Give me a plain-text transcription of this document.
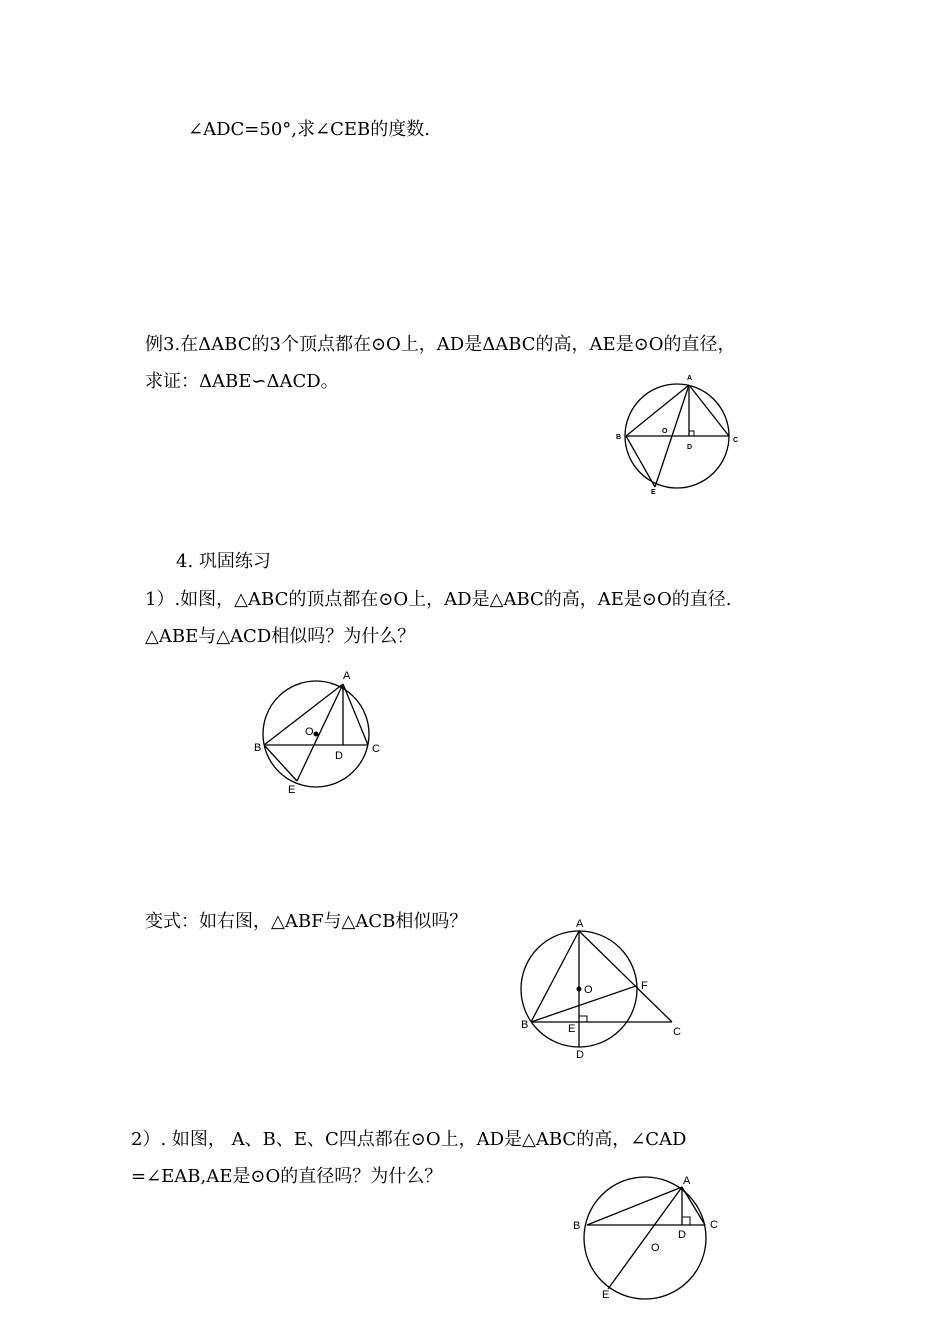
∠ADC=50°,求∠CEB的度数.
例3.在ΔABC的3个顶点都在⊙O上，AD是ΔABC的高，AE是⊙O的直径，
求证：ΔABE∽ΔACD。	A
B	C
D
O
E
4. 巩固练习
1）.如图，△ABC的顶点都在⊙O上，AD是△ABC的高，AE是⊙O的直径.
△ABE与△ACD相似吗？为什么？
A
B	C
D
O
E
变式：如右图，△ABF与△ACB相似吗？	A
B
C
D
E
F
O
2）. 如图， A、B、E、C四点都在⊙O上，AD是△ABC的高，∠CAD
=∠EAB,AE是⊙O的直径吗？为什么？	A
B	C
D
O
E
